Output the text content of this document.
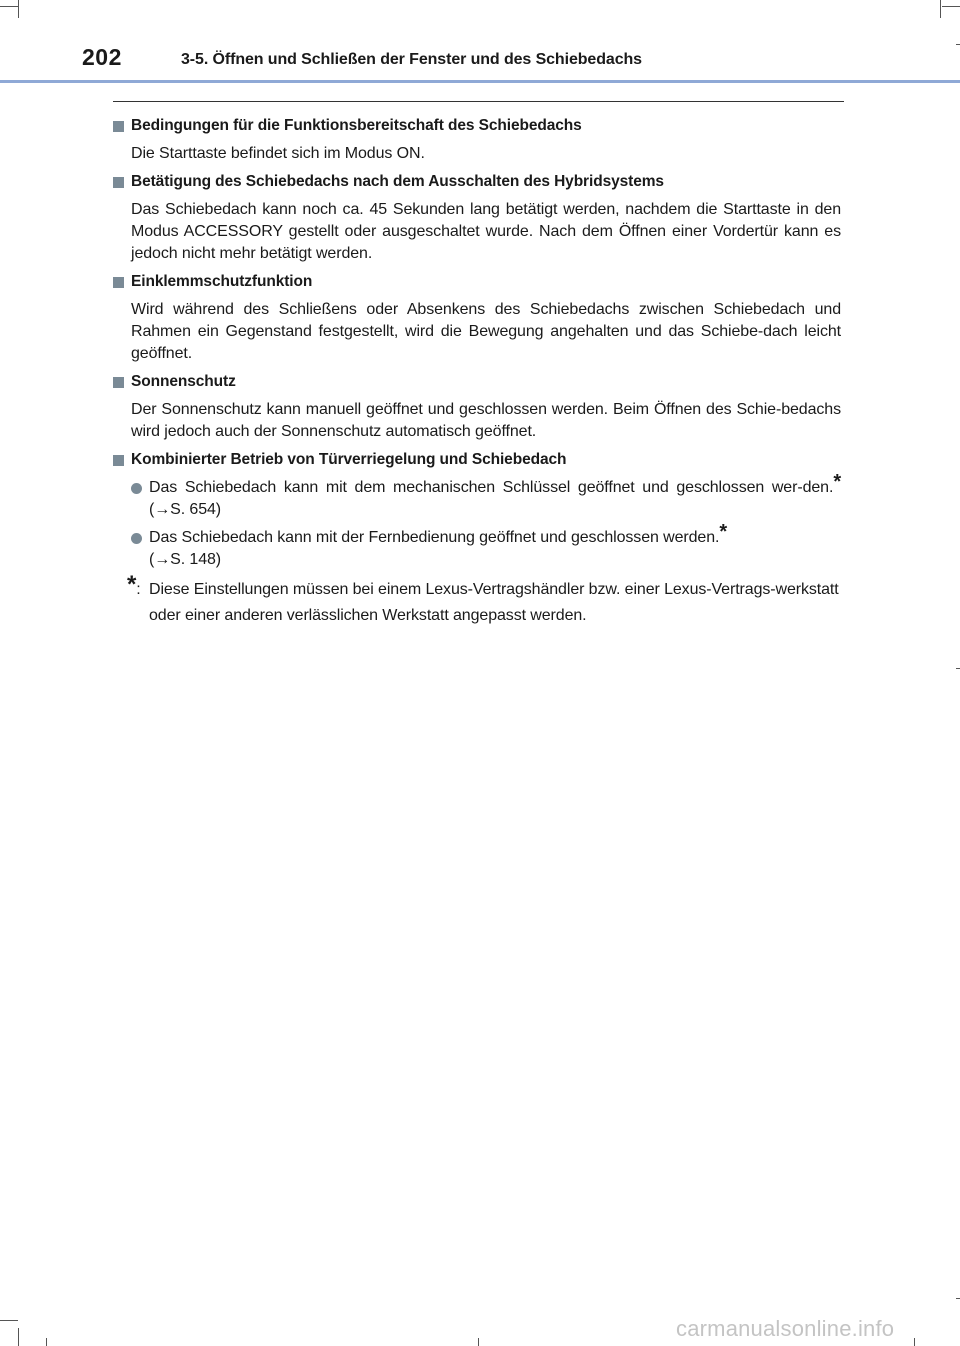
202	3-5. Öffnen und Schließen der Fenster und des Schiebedachs
Bedingungen für die Funktionsbereitschaft des Schiebedachs
Die Starttaste befindet sich im Modus ON.
Betätigung des Schiebedachs nach dem Ausschalten des Hybridsystems
Das Schiebedach kann noch ca. 45 Sekunden lang betätigt werden, nachdem die Starttaste in den Modus ACCESSORY gestellt oder ausgeschaltet wurde. Nach dem Öffnen einer Vordertür kann es jedoch nicht mehr betätigt werden.
Einklemmschutzfunktion
Wird während des Schließens oder Absenkens des Schiebedachs zwischen Schiebedach und Rahmen ein Gegenstand festgestellt, wird die Bewegung angehalten und das Schiebe-dach leicht geöffnet.
Sonnenschutz
Der Sonnenschutz kann manuell geöffnet und geschlossen werden. Beim Öffnen des Schie-bedachs wird jedoch auch der Sonnenschutz automatisch geöffnet.
Kombinierter Betrieb von Türverriegelung und Schiebedach
Das Schiebedach kann mit dem mechanischen Schlüssel geöffnet und geschlossen wer-den.* (→S. 654)
Das Schiebedach kann mit der Fernbedienung geöffnet und geschlossen werden.*
(→S. 148)
*: Diese Einstellungen müssen bei einem Lexus-Vertragshändler bzw. einer Lexus-Vertrags-werkstatt oder einer anderen verlässlichen Werkstatt angepasst werden.
carmanualsonline.info
